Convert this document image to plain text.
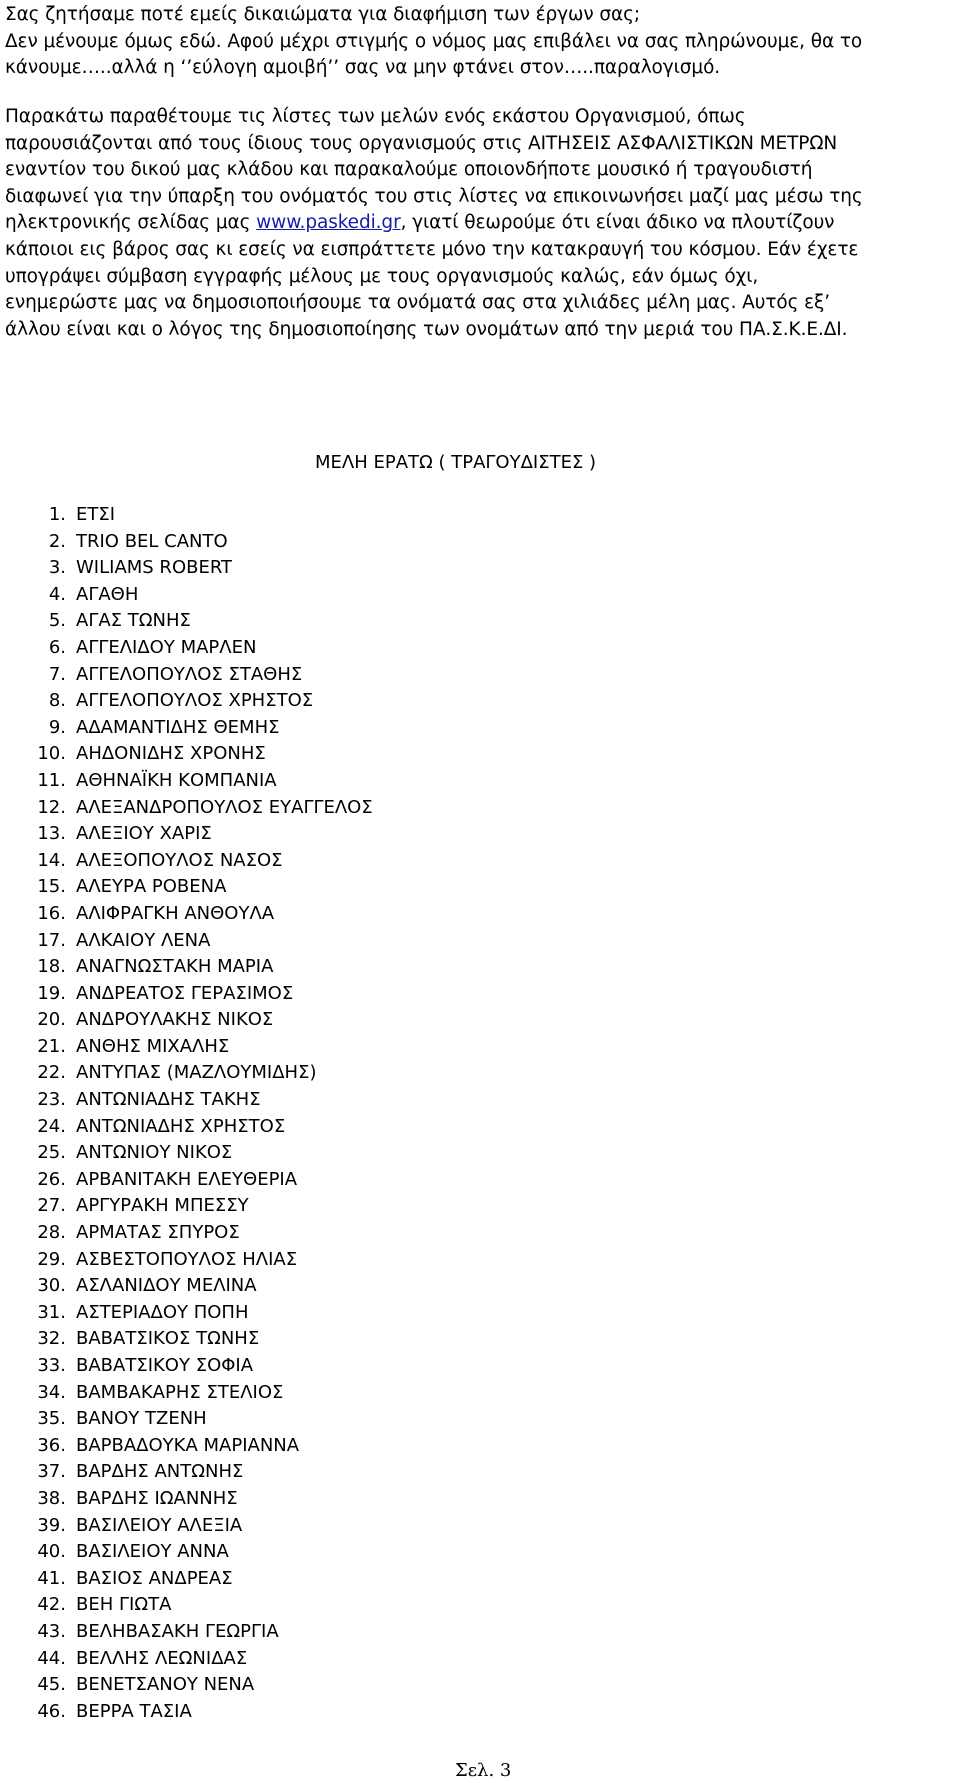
Σας ζητήσαμε ποτέ εμείς δικαιώματα για διαφήμιση των έργων σας;

Δεν μένουμε όμως εδώ. Αφού μέχρι στιγμής ο νόμος μας επιβάλει να σας πληρώνουμε, θα το

κάνουμε…..αλλά η ‘’εύλογη αμοιβή’’ σας να μην φτάνει στον…..παραλογισμό.

Παρακάτω παραθέτουμε τις λίστες των μελών ενός εκάστου Οργανισμού, όπως
παρουσιάζονται από τους ίδιους τους οργανισμούς στις ΑΙΤΗΣΕΙΣ ΑΣΦΑΛΙΣΤΙΚΩΝ ΜΕΤΡΩΝ
εναντίον του δικού μας κλάδου και παρακαλούμε οποιονδήποτε μουσικό ή τραγουδιστή
διαφωνεί για την ύπαρξη του ονόματός του στις λίστες να επικοινωνήσει μαζί μας μέσω της
ηλεκτρονικής σελίδας μας www.paskedi.gr, γιατί θεωρούμε ότι είναι άδικο να πλουτίζουν
κάποιοι εις βάρος σας κι εσείς να εισπράττετε μόνο την κατακραυγή του κόσμου. Εάν έχετε
υπογράψει σύμβαση εγγραφής μέλους με τους οργανισμούς καλώς, εάν όμως όχι,
ενημερώστε μας να δημοσιοποιήσουμε τα ονόματά σας στα χιλιάδες μέλη μας. Αυτός εξ’
άλλου είναι και ο λόγος της δημοσιοποίησης των ονομάτων από την μεριά του ΠΑ.Σ.Κ.Ε.ΔΙ.
ΜΕΛΗ ΕΡΑΤΩ ( ΤΡΑΓΟΥΔΙΣΤΕΣ )
1. ΕΤΣΙ
2. TRIO BEL CANTO
3. WILIAMS ROBERT
4. ΑΓΑΘΗ
5. ΑΓΑΣ ΤΩΝΗΣ
6. ΑΓΓΕΛΙΔΟΥ ΜΑΡΛΕΝ
7. ΑΓΓΕΛΟΠΟΥΛΟΣ ΣΤΑΘΗΣ
8. ΑΓΓΕΛΟΠΟΥΛΟΣ ΧΡΗΣΤΟΣ
9. ΑΔΑΜΑΝΤΙΔΗΣ ΘΕΜΗΣ
10. ΑΗΔΟΝΙΔΗΣ ΧΡΟΝΗΣ
11. ΑΘΗΝΑΪΚΗ ΚΟΜΠΑΝΙΑ
12. ΑΛΕΞΑΝΔΡΟΠΟΥΛΟΣ ΕΥΑΓΓΕΛΟΣ
13. ΑΛΕΞΙΟΥ ΧΑΡΙΣ
14. ΑΛΕΞΟΠΟΥΛΟΣ ΝΑΣΟΣ
15. ΑΛΕΥΡΑ ΡΟΒΕΝΑ
16. ΑΛΙΦΡΑΓΚΗ ΑΝΘΟΥΛΑ
17. ΑΛΚΑΙΟΥ ΛΕΝΑ
18. ΑΝΑΓΝΩΣΤΑΚΗ ΜΑΡΙΑ
19. ΑΝΔΡΕΑΤΟΣ ΓΕΡΑΣΙΜΟΣ
20. ΑΝΔΡΟΥΛΑΚΗΣ ΝΙΚΟΣ
21. ΑΝΘΗΣ ΜΙΧΑΛΗΣ
22. ΑΝΤΥΠΑΣ (ΜΑΖΛΟΥΜΙΔΗΣ)
23. ΑΝΤΩΝΙΑΔΗΣ ΤΑΚΗΣ
24. ΑΝΤΩΝΙΑΔΗΣ ΧΡΗΣΤΟΣ
25. ΑΝΤΩΝΙΟΥ ΝΙΚΟΣ
26. ΑΡΒΑΝΙΤΑΚΗ ΕΛΕΥΘΕΡΙΑ
27. ΑΡΓΥΡΑΚΗ ΜΠΕΣΣΥ
28. ΑΡΜΑΤΑΣ ΣΠΥΡΟΣ
29. ΑΣΒΕΣΤΟΠΟΥΛΟΣ ΗΛΙΑΣ
30. ΑΣΛΑΝΙΔΟΥ ΜΕΛΙΝΑ
31. ΑΣΤΕΡΙΑΔΟΥ ΠΟΠΗ
32. ΒΑΒΑΤΣΙΚΟΣ ΤΩΝΗΣ
33. ΒΑΒΑΤΣΙΚΟΥ ΣΟΦΙΑ
34. ΒΑΜΒΑΚΑΡΗΣ ΣΤΕΛΙΟΣ
35. ΒΑΝΟΥ ΤΖΕΝΗ
36. ΒΑΡΒΑΔΟΥΚΑ ΜΑΡΙΑΝΝΑ
37. ΒΑΡΔΗΣ ΑΝΤΩΝΗΣ
38. ΒΑΡΔΗΣ ΙΩΑΝΝΗΣ
39. ΒΑΣΙΛΕΙΟΥ ΑΛΕΞΙΑ
40. ΒΑΣΙΛΕΙΟΥ ΑΝΝΑ
41. ΒΑΣΙΟΣ ΑΝΔΡΕΑΣ
42. ΒΕΗ ΓΙΩΤΑ
43. ΒΕΛΗΒΑΣΑΚΗ ΓΕΩΡΓΙΑ
44. ΒΕΛΛΗΣ ΛΕΩΝΙΔΑΣ
45. ΒΕΝΕΤΣΑΝΟΥ ΝΕΝΑ
46. ΒΕΡΡΑ ΤΑΣΙΑ
Σελ. 3
